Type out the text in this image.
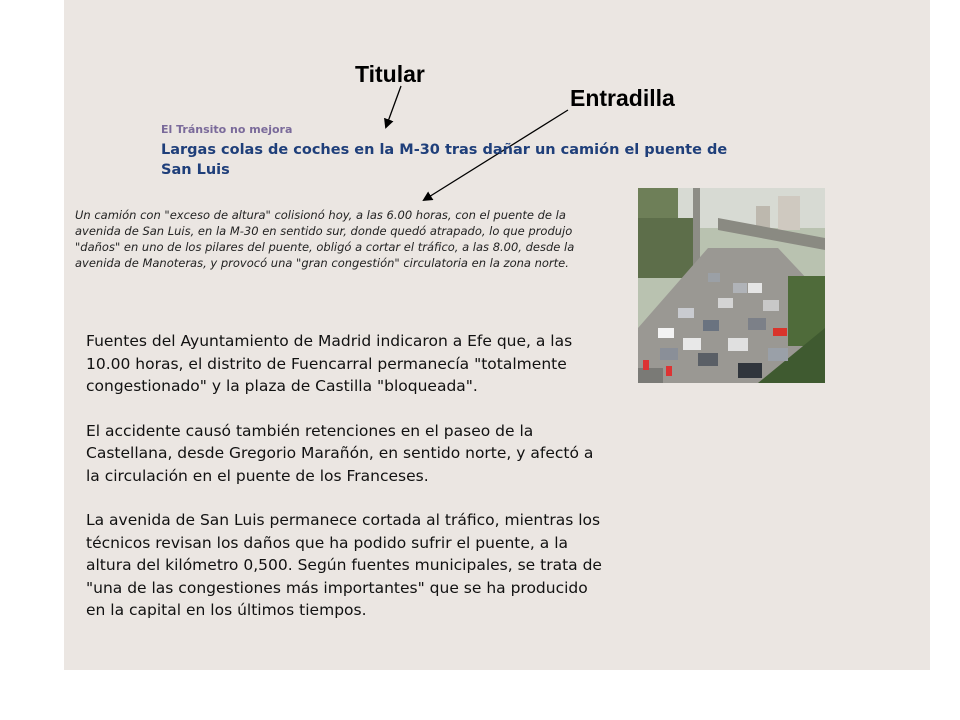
Titular
Entradilla
El Tránsito no mejora
Largas colas de coches en la M-30 tras dañar un camión el puente de San Luis
Un camión con "exceso de altura" colisionó hoy, a las 6.00 horas, con el puente de la avenida de San Luis, en la M-30 en sentido sur, donde quedó atrapado, lo que produjo "daños" en uno de los pilares del puente, obligó a cortar el tráfico, a las 8.00, desde la avenida de Manoteras, y provocó una "gran congestión" circulatoria en la zona norte.

Fuentes del Ayuntamiento de Madrid indicaron a Efe que, a las 10.00 horas, el distrito de Fuencarral permanecía "totalmente congestionado" y la plaza de Castilla "bloqueada".

El accidente causó también retenciones en el paseo de la Castellana, desde Gregorio Marañón, en sentido norte, y afectó a la circulación en el puente de los Franceses.

La avenida de San Luis permanece cortada al tráfico, mientras los técnicos revisan los daños que ha podido sufrir el puente, a la altura del kilómetro 0,500. Según fuentes municipales, se trata de "una de las congestiones más importantes" que se ha producido en la capital en los últimos tiempos.
